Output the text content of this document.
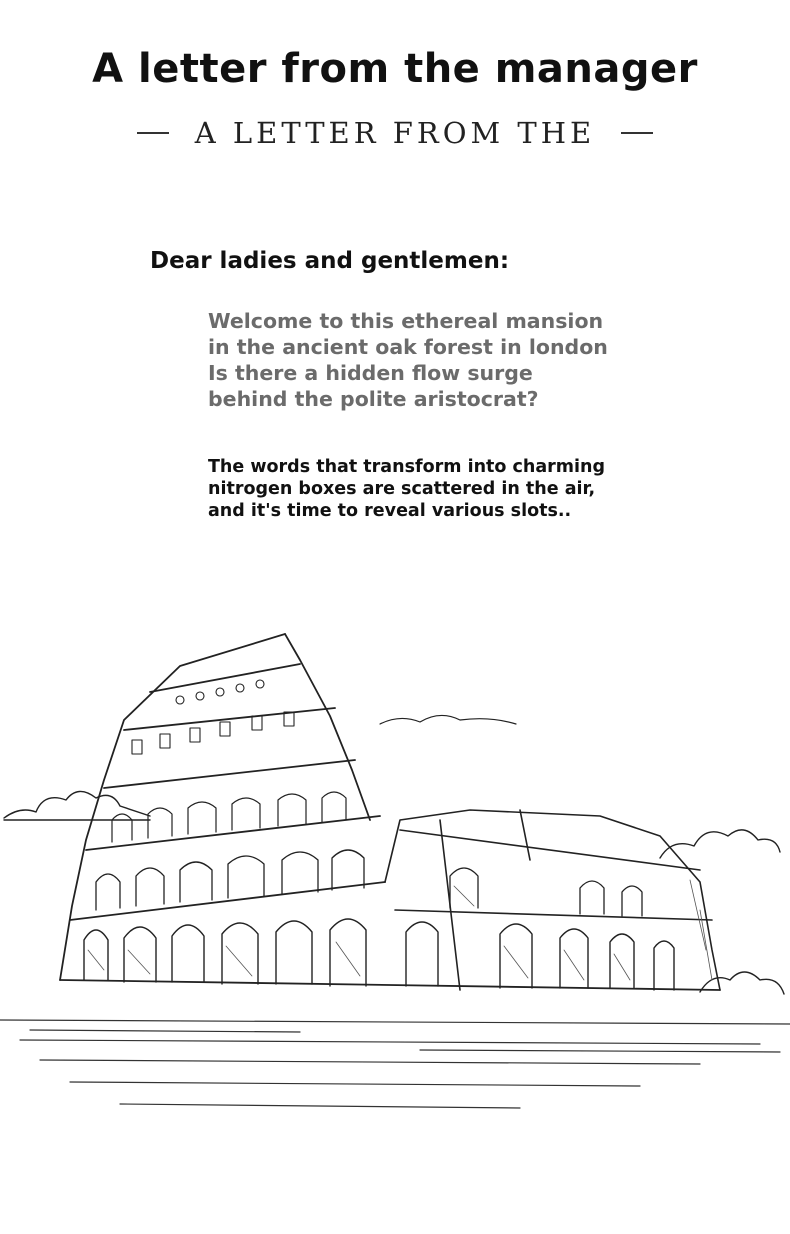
A letter from the manager
A LETTER FROM THE
Dear ladies and gentlemen:

Welcome to this ethereal mansion
in the ancient oak forest in london
Is there a hidden flow surge
behind the polite aristocrat?

The words that transform into charming
nitrogen boxes are scattered in the air,
and it's time to reveal various slots..
